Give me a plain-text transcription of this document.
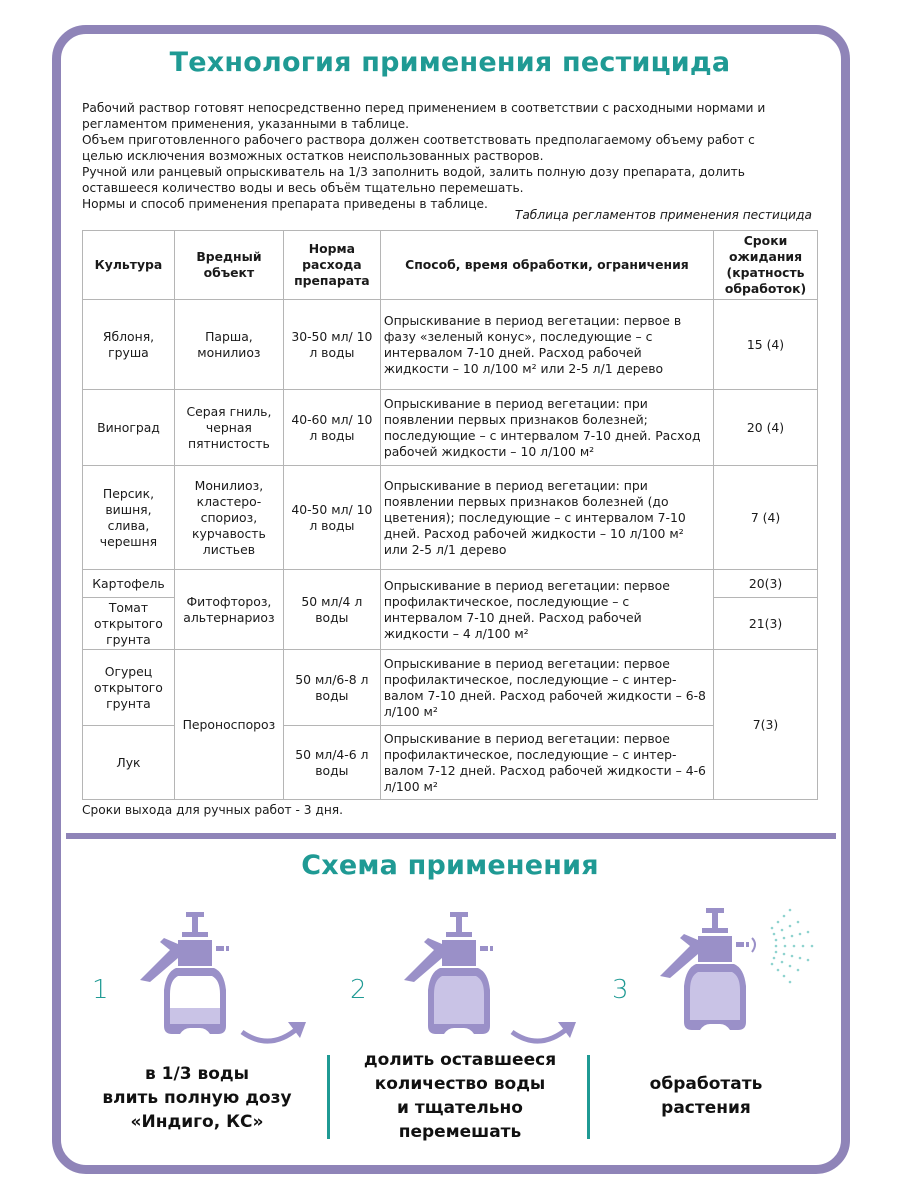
Технология применения пестицида

Рабочий раствор готовят непосредственно перед применением в соответствии с расходными нормами и

регламентом применения, указанными в таблице.

Объем приготовленного рабочего раствора должен соответствовать предполагаемому объему работ с

целью исключения возможных остатков неиспользованных растворов.

Ручной или ранцевый опрыскиватель на 1/3 заполнить водой, залить полную дозу препарата, долить

оставшееся количество воды и весь объём тщательно перемешать.

Нормы и способ применения препарата приведены в таблице.

Таблица регламентов применения пестицида
Культура	Вредный объект	Норма расхода препарата	Способ, время обработки, ограничения	Сроки ожидания (кратность обработок)
Яблоня, груша	Парша, монилиоз	30-50 мл/ 10 л воды	Опрыскивание в период вегетации: первое в фазу «зеленый конус», последующие – с интервалом 7-10 дней. Расход рабочей жидкости – 10 л/100 м² или 2-5 л/1 дерево	15 (4)
Виноград	Серая гниль, черная пятнистость	40-60 мл/ 10 л воды	Опрыскивание в период вегетации: при появлении первых признаков болезней; последующие – с интервалом 7-10 дней. Расход рабочей жидкости – 10 л/100 м²	20 (4)
Персик, вишня, слива, черешня	Монилиоз, кластеро-спориоз, курчавость листьев	40-50 мл/ 10 л воды	Опрыскивание в период вегетации: при появлении первых признаков болезней (до цветения); последующие – с интервалом 7-10 дней. Расход рабочей жидкости – 10 л/100 м² или 2-5 л/1 дерево	7 (4)
Картофель	Фитофтороз, альтернариоз	50 мл/4 л воды	Опрыскивание в период вегетации: первое профилактическое, последующие – с интервалом 7-10 дней. Расход рабочей жидкости – 4 л/100 м²	20(3)
Томат открытого грунта				21(3)
Огурец открытого грунта	Пероноспороз	50 мл/6-8 л воды	Опрыскивание в период вегетации: первое профилактическое, последующие – с интер-валом 7-10 дней. Расход рабочей жидкости – 6-8 л/100 м²	7(3)
Лук		50 мл/4-6 л воды	Опрыскивание в период вегетации: первое профилактическое, последующие – с интер-валом 7-12 дней. Расход рабочей жидкости – 4-6 л/100 м²	
Сроки выхода для ручных работ - 3 дня.
Схема применения
1	2	3
в 1/3 воды
влить полную дозу
«Индиго, КС»
долить оставшееся
количество воды
и тщательно
перемешать
обработать
растения
